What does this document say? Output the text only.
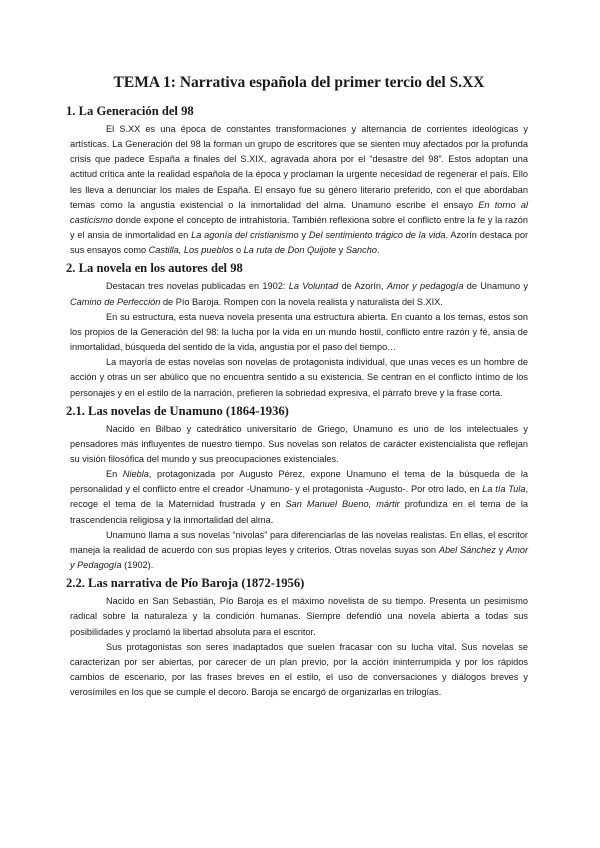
TEMA 1: Narrativa española del primer tercio del S.XX
1. La Generación del 98

El S.XX es una época de constantes transformaciones y alternancia de corrientes ideológicas y artísticas. La Generación del 98 la forman un grupo de escritores que se sienten muy afectados por la profunda crisis que padece España a finales del S.XIX, agravada ahora por el “desastre del 98”. Estos adoptan una actitud crítica ante la realidad española de la época y proclaman la urgente necesidad de regenerar el país. Ello les lleva a denunciar los males de España. El ensayo fue su género literario preferido, con el que abordaban temas como la angustia existencial o la inmortalidad del alma. Unamuno escribe el ensayo En torno al casticismo donde expone el concepto de intrahistoria. También reflexiona sobre el conflicto entre la fe y la razón y el ansia de inmortalidad en La agonía del cristianismo y Del sentimiento trágico de la vida. Azorín destaca por sus ensayos como Castilla, Los pueblos o La ruta de Don Quijote y Sancho.

2. La novela en los autores del 98

Destacan tres novelas publicadas en 1902: La Voluntad de Azorín, Amor y pedagogía de Unamuno y Camino de Perfección de Pío Baroja. Rompen con la novela realista y naturalista del S.XIX.

En su estructura, esta nueva novela presenta una estructura abierta. En cuanto a los temas, estos son los propios de la Generación del 98: la lucha por la vida en un mundo hostil, conflicto entre razón y fé, ansia de inmortalidad, búsqueda del sentido de la vida, angustia por el paso del tiempo…

La mayoría de estas novelas son novelas de protagonista individual, que unas veces es un hombre de acción y otras un ser abúlico que no encuentra sentido a su existencia. Se centran en el conflicto íntimo de los personajes y en el estilo de la narración, prefieren la sobriedad expresiva, el párrafo breve y la frase corta.

2.1. Las novelas de Unamuno (1864-1936)

Nacido en Bilbao y catedrático universitario de Griego, Unamuno es uno de los intelectuales y pensadores más influyentes de nuestro tiempo. Sus novelas son relatos de carácter existencialista que reflejan su visión filosófica del mundo y sus preocupaciones existenciales.

En Niebla, protagonizada por Augusto Pérez, expone Unamuno el tema de la búsqueda de la personalidad y el conflicto entre el creador -Unamuno- y el protagonista -Augusto-. Por otro lado, en La tía Tula, recoge el tema de la Maternidad frustrada y en San Manuel Bueno, mártir profundiza en el tema de la trascendencia religiosa y la inmortalidad del alma.

Unamuno llama a sus novelas “nivolas” para diferenciarlas de las novelas realistas. En ellas, el escritor maneja la realidad de acuerdo con sus propias leyes y criterios. Otras novelas suyas son Abel Sánchez y Amor y Pedagogía (1902).

2.2. Las narrativa de Pío Baroja (1872-1956)

Nacido en San Sebastián, Pío Baroja es el máximo novelista de su tiempo. Presenta un pesimismo radical sobre la naturaleza y la condición humanas. Siempre defendió una novela abierta a todas sus posibilidades y proclamó la libertad absoluta para el escritor.

Sus protagonistas son seres inadaptados que suelen fracasar con su lucha vital. Sus novelas se caracterizan por ser abiertas, por carecer de un plan previo, por la acción ininterrumpida y por los rápidos cambios de escenario, por las frases breves en el estilo, el uso de conversaciones y diálogos breves y verosímiles en los que se cumple el decoro. Baroja se encargó de organizarlas en trilogías.
